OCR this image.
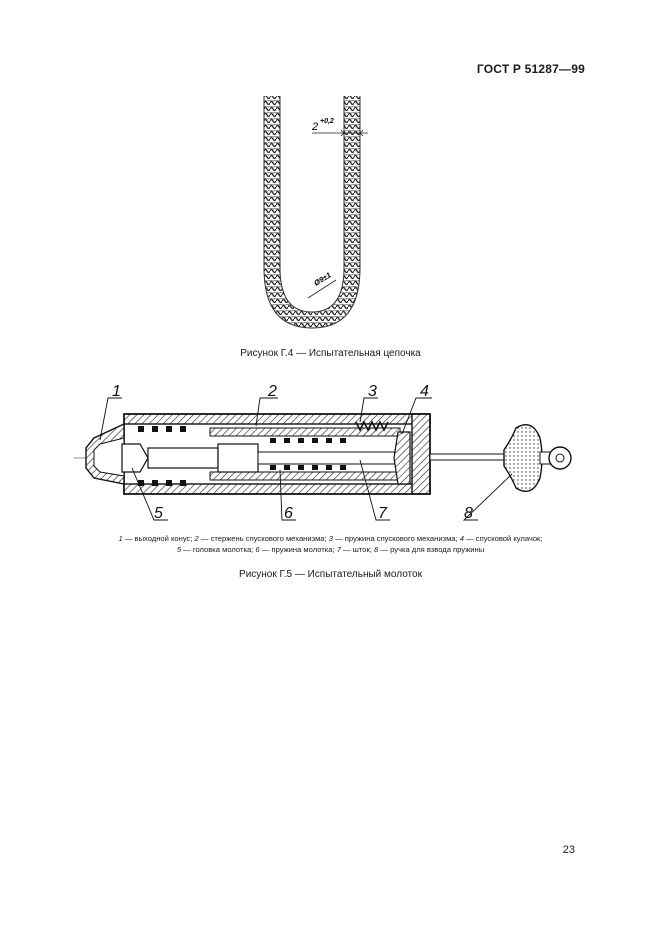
ГОСТ Р 51287—99
2 +0,2
Ø9±1
Рисунок Г.4 — Испытательная цепочка
1	2	3	4
5	6	7	8
1 — выходной конус; 2 — стержень спускового механизма; 3 — пружина спускового механизма; 4 — спусковой кулачок;
5 — головка молотка; 6 — пружина молотка; 7 — шток; 8 — ручка для взвода пружины
Рисунок Г.5 — Испытательный молоток
23
